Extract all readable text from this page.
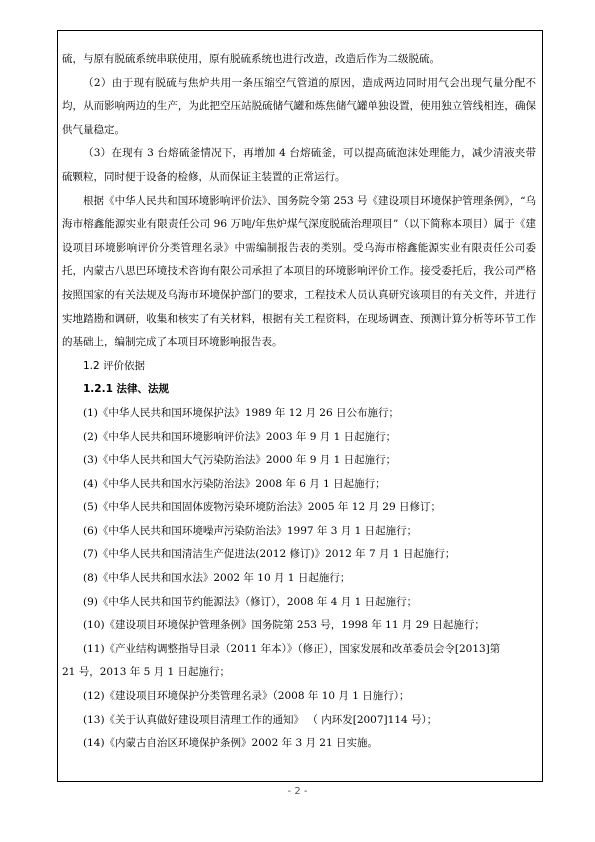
硫，与原有脱硫系统串联使用，原有脱硫系统也进行改造，改造后作为二级脱硫。

（2）由于现有脱硫与焦炉共用一条压缩空气管道的原因，造成两边同时用气会出现气量分配不均，从而影响两边的生产，为此把空压站脱硫储气罐和炼焦储气罐单独设置，使用独立管线相连，确保供气量稳定。

（3）在现有 3 台熔硫釜情况下，再增加 4 台熔硫釜，可以提高硫泡沫处理能力，减少清液夹带硫颗粒，同时便于设备的检修，从而保证主装置的正常运行。

根据《中华人民共和国环境影响评价法》、国务院令第 253 号《建设项目环境保护管理条例》，“乌海市榕鑫能源实业有限责任公司 96 万吨/年焦炉煤气深度脱硫治理项目”（以下简称本项目）属于《建设项目环境影响评价分类管理名录》中需编制报告表的类别。受乌海市榕鑫能源实业有限责任公司委托，内蒙古八思巴环境技术咨询有限公司承担了本项目的环境影响评价工作。接受委托后，我公司严格按照国家的有关法规及乌海市环境保护部门的要求，工程技术人员认真研究该项目的有关文件，并进行实地踏勘和调研，收集和核实了有关材料，根据有关工程资料，在现场调查、预测计算分析等环节工作的基础上，编制完成了本项目环境影响报告表。

1.2 评价依据

1.2.1 法律、法规

(1)《中华人民共和国环境保护法》1989 年 12 月 26 日公布施行；

(2)《中华人民共和国环境影响评价法》2003 年 9 月 1 日起施行；

(3)《中华人民共和国大气污染防治法》2000 年 9 月 1 日起施行；

(4)《中华人民共和国水污染防治法》2008 年 6 月 1 日起施行；

(5)《中华人民共和国固体废物污染环境防治法》2005 年 12 月 29 日修订；

(6)《中华人民共和国环境噪声污染防治法》1997 年 3 月 1 日起施行；

(7)《中华人民共和国清洁生产促进法(2012 修订)》2012 年 7 月 1 日起施行；

(8)《中华人民共和国水法》2002 年 10 月 1 日起施行；

(9)《中华人民共和国节约能源法》（修订），2008 年 4 月 1 日起施行；

(10)《建设项目环境保护管理条例》国务院第 253 号，1998 年 11 月 29 日起施行；

(11)《产业结构调整指导目录（2011 年本）》（修正），国家发展和改革委员会令[2013]第

21 号，2013 年 5 月 1 日起施行；

(12)《建设项目环境保护分类管理名录》（2008 年 10 月 1 日施行）；

(13)《关于认真做好建设项目清理工作的通知》 （ 内环发[2007]114 号）；

(14)《内蒙古自治区环境保护条例》2002 年 3 月 21 日实施。

- 2 -
